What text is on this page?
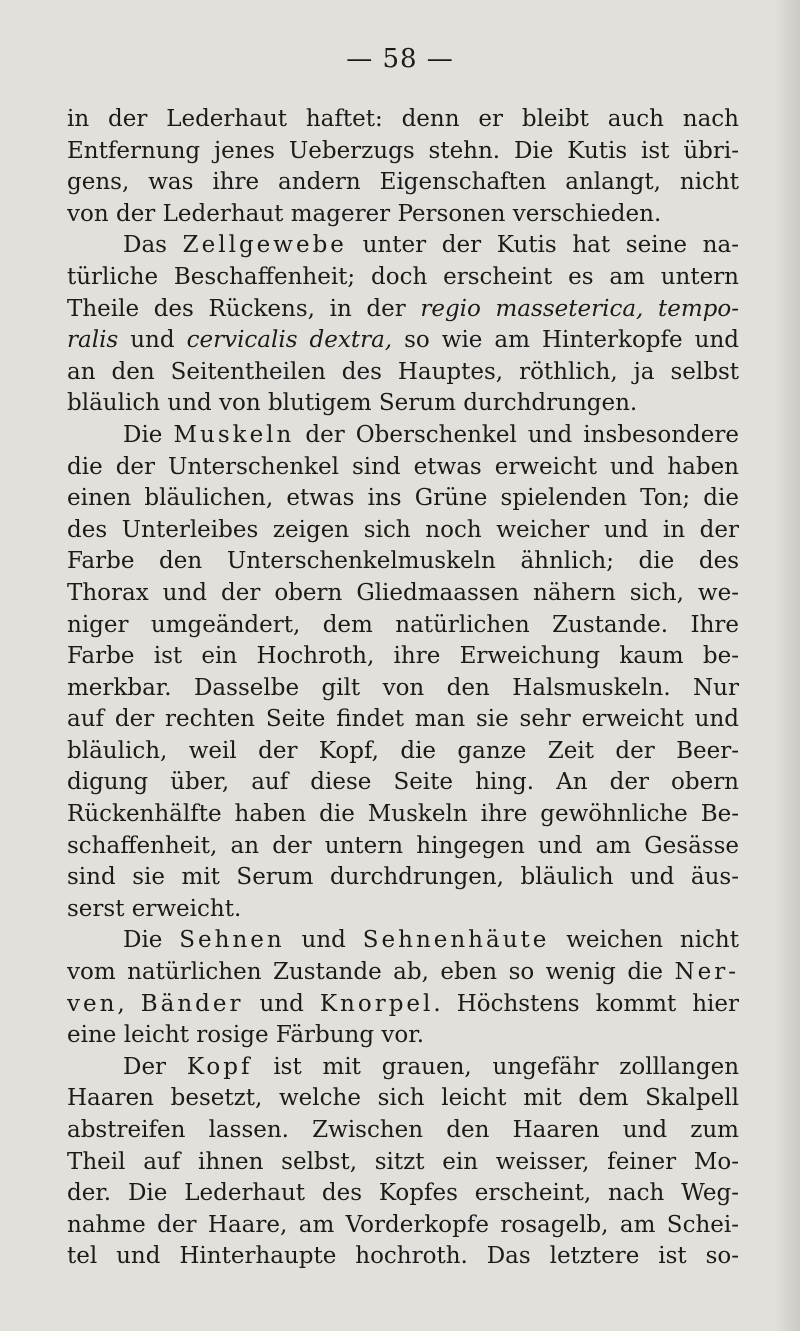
— 58 —
in der Lederhaut haftet: denn er bleibt auch nach
Entfernung jenes Ueberzugs stehn. Die Kutis ist übri-
gens, was ihre andern Eigenschaften anlangt, nicht
von der Lederhaut magerer Personen verschieden.
Das Zellgewebe unter der Kutis hat seine na-
türliche Beschaffenheit; doch erscheint es am untern
Theile des Rückens, in der regio masseterica, tempo-
ralis und cervicalis dextra, so wie am Hinterkopfe und
an den Seitentheilen des Hauptes, röthlich, ja selbst
bläulich und von blutigem Serum durchdrungen.
Die Muskeln der Oberschenkel und insbesondere
die der Unterschenkel sind etwas erweicht und haben
einen bläulichen, etwas ins Grüne spielenden Ton; die
des Unterleibes zeigen sich noch weicher und in der
Farbe den Unterschenkelmuskeln ähnlich; die des
Thorax und der obern Gliedmaassen nähern sich, we-
niger umgeändert, dem natürlichen Zustande. Ihre
Farbe ist ein Hochroth, ihre Erweichung kaum be-
merkbar. Dasselbe gilt von den Halsmuskeln. Nur
auf der rechten Seite findet man sie sehr erweicht und
bläulich, weil der Kopf, die ganze Zeit der Beer-
digung über, auf diese Seite hing. An der obern
Rückenhälfte haben die Muskeln ihre gewöhnliche Be-
schaffenheit, an der untern hingegen und am Gesässe
sind sie mit Serum durchdrungen, bläulich und äus-
serst erweicht.
Die Sehnen und Sehnenhäute weichen nicht
vom natürlichen Zustande ab, eben so wenig die Ner-
ven, Bänder und Knorpel. Höchstens kommt hier
eine leicht rosige Färbung vor.
Der Kopf ist mit grauen, ungefähr zolllangen
Haaren besetzt, welche sich leicht mit dem Skalpell
abstreifen lassen. Zwischen den Haaren und zum
Theil auf ihnen selbst, sitzt ein weisser, feiner Mo-
der. Die Lederhaut des Kopfes erscheint, nach Weg-
nahme der Haare, am Vorderkopfe rosagelb, am Schei-
tel und Hinterhaupte hochroth. Das letztere ist so-
